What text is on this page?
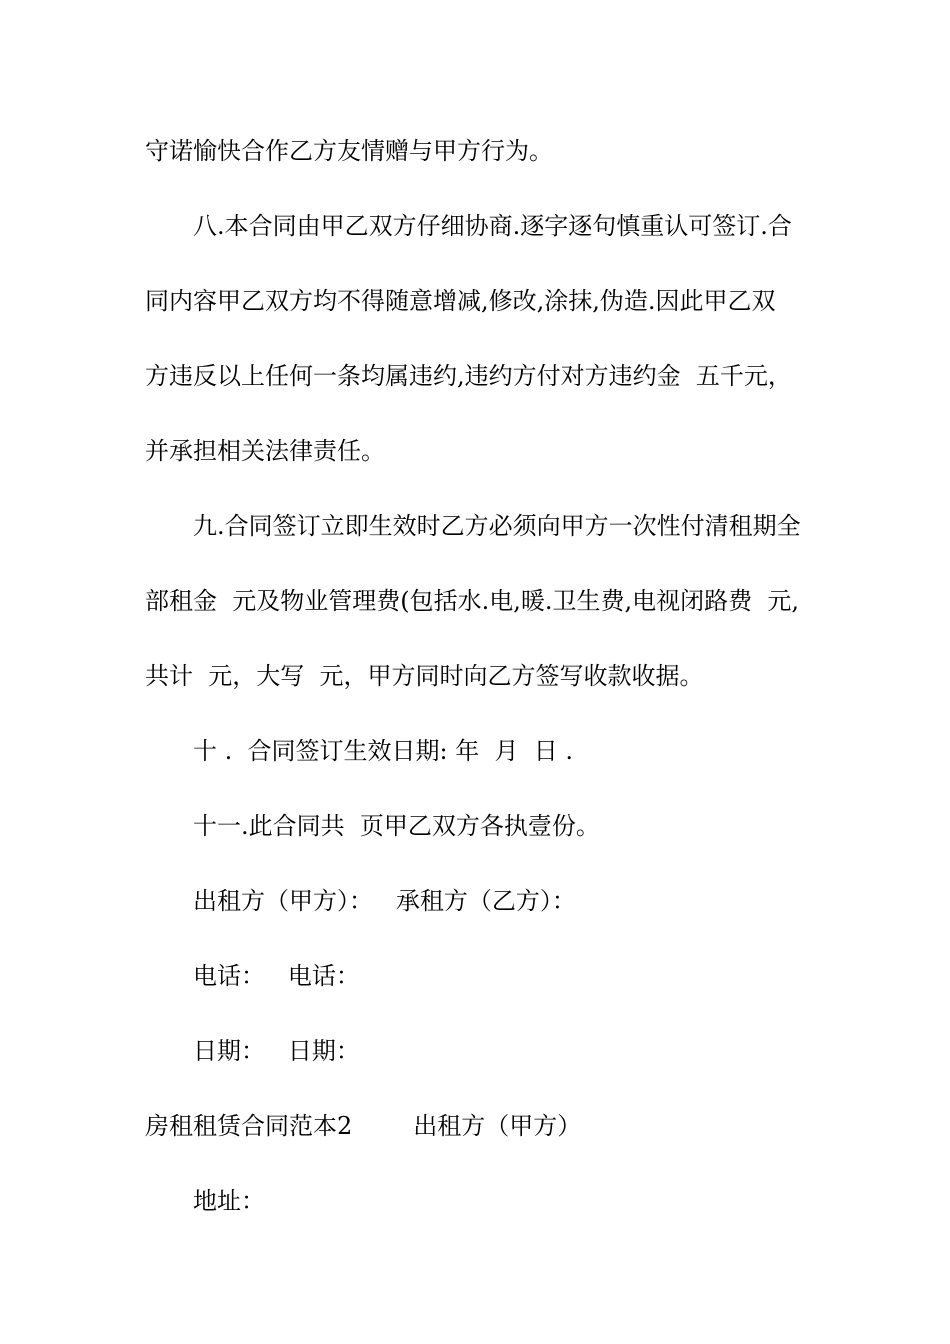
守诺愉快合作乙方友情赠与甲方行为。
八.本合同由甲乙双方仔细协商.逐字逐句慎重认可签订.合
同内容甲乙双方均不得随意增减,修改,涂抹,伪造.因此甲乙双
方违反以上任何一条均属违约,违约方付对方违约金  五千元，
并承担相关法律责任。
九.合同签订立即生效时乙方必须向甲方一次性付清租期全
部租金  元及物业管理费(包括水.电,暖.卫生费,电视闭路费  元,
共计  元，大写  元，甲方同时向乙方签写收款收据。
十 .  合同签订生效日期: 年  月  日 .
十一.此合同共  页甲乙双方各执壹份。
出租方（甲方）：   承租方（乙方）：
电话：   电话：
日期：   日期：
房租租赁合同范本2        出租方（甲方）
地址：
